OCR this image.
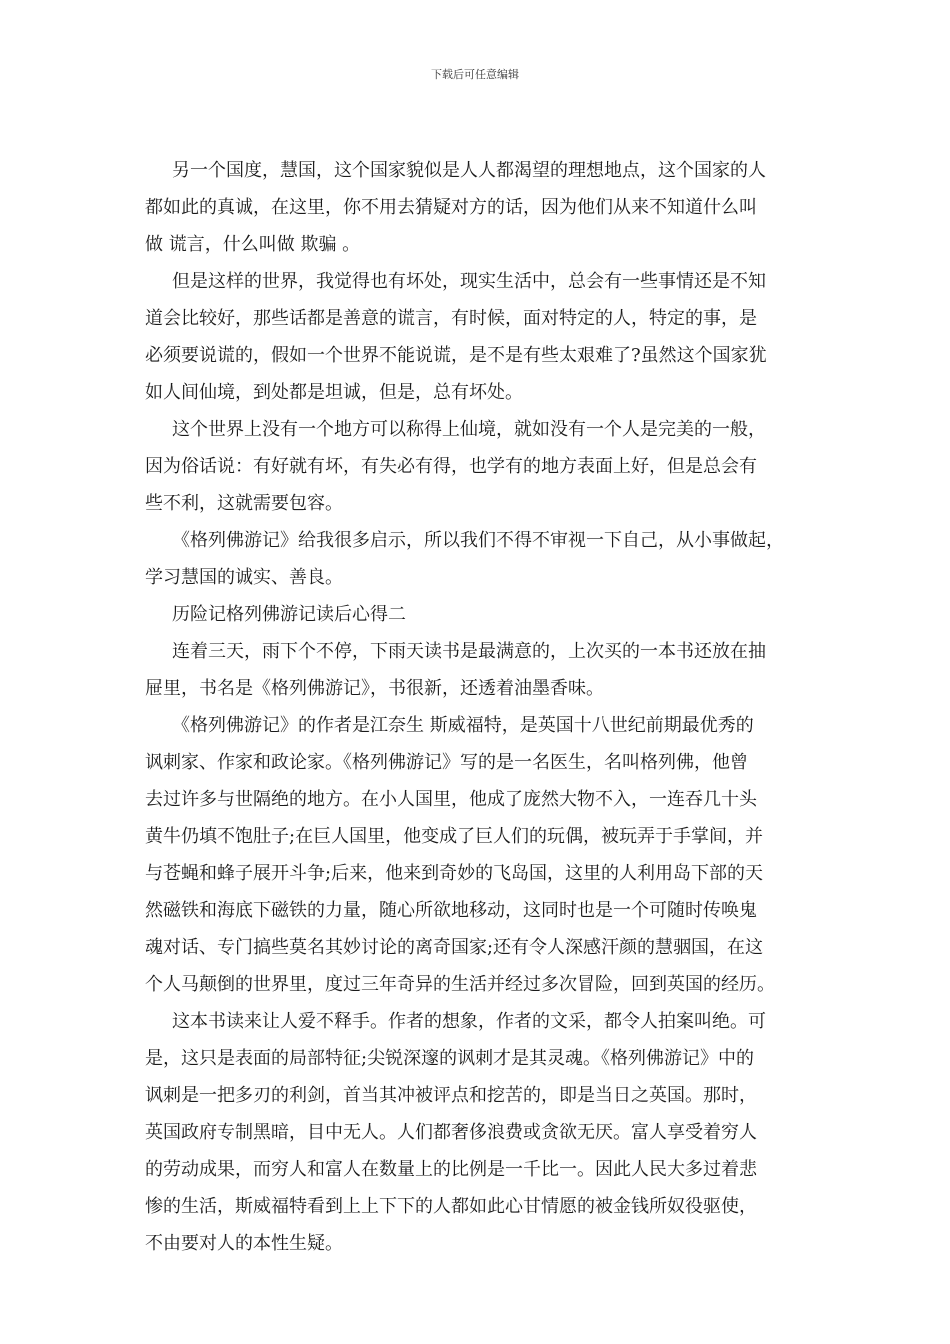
下载后可任意编辑
另一个国度，慧国，这个国家貌似是人人都渴望的理想地点，这个国家的人
都如此的真诚，在这里，你不用去猜疑对方的话，因为他们从来不知道什么叫
做 谎言，什么叫做 欺骗 。
但是这样的世界，我觉得也有坏处，现实生活中，总会有一些事情还是不知
道会比较好，那些话都是善意的谎言，有时候，面对特定的人，特定的事，是
必须要说谎的，假如一个世界不能说谎，是不是有些太艰难了?虽然这个国家犹
如人间仙境，到处都是坦诚，但是，总有坏处。
这个世界上没有一个地方可以称得上仙境，就如没有一个人是完美的一般，
因为俗话说：有好就有坏，有失必有得，也学有的地方表面上好，但是总会有
些不利，这就需要包容。
《格列佛游记》给我很多启示，所以我们不得不审视一下自己，从小事做起，
学习慧国的诚实、善良。
历险记格列佛游记读后心得二
连着三天，雨下个不停，下雨天读书是最满意的，上次买的一本书还放在抽
屉里，书名是《格列佛游记》，书很新，还透着油墨香味。
《格列佛游记》的作者是江奈生 斯威福特，是英国十八世纪前期最优秀的
讽刺家、作家和政论家。《格列佛游记》写的是一名医生，名叫格列佛，他曾
去过许多与世隔绝的地方。在小人国里，他成了庞然大物不入，一连吞几十头
黄牛仍填不饱肚子;在巨人国里，他变成了巨人们的玩偶，被玩弄于手掌间，并
与苍蝇和蜂子展开斗争;后来，他来到奇妙的飞岛国，这里的人利用岛下部的天
然磁铁和海底下磁铁的力量，随心所欲地移动，这同时也是一个可随时传唤鬼
魂对话、专门搞些莫名其妙讨论的离奇国家;还有令人深感汗颜的慧骃国，在这
个人马颠倒的世界里，度过三年奇异的生活并经过多次冒险，回到英国的经历。
这本书读来让人爱不释手。作者的想象，作者的文采，都令人拍案叫绝。可
是，这只是表面的局部特征;尖锐深邃的讽刺才是其灵魂。《格列佛游记》中的
讽刺是一把多刃的利剑，首当其冲被评点和挖苦的，即是当日之英国。那时，
英国政府专制黑暗，目中无人。人们都奢侈浪费或贪欲无厌。富人享受着穷人
的劳动成果，而穷人和富人在数量上的比例是一千比一。因此人民大多过着悲
惨的生活，斯威福特看到上上下下的人都如此心甘情愿的被金钱所奴役驱使，
不由要对人的本性生疑。
